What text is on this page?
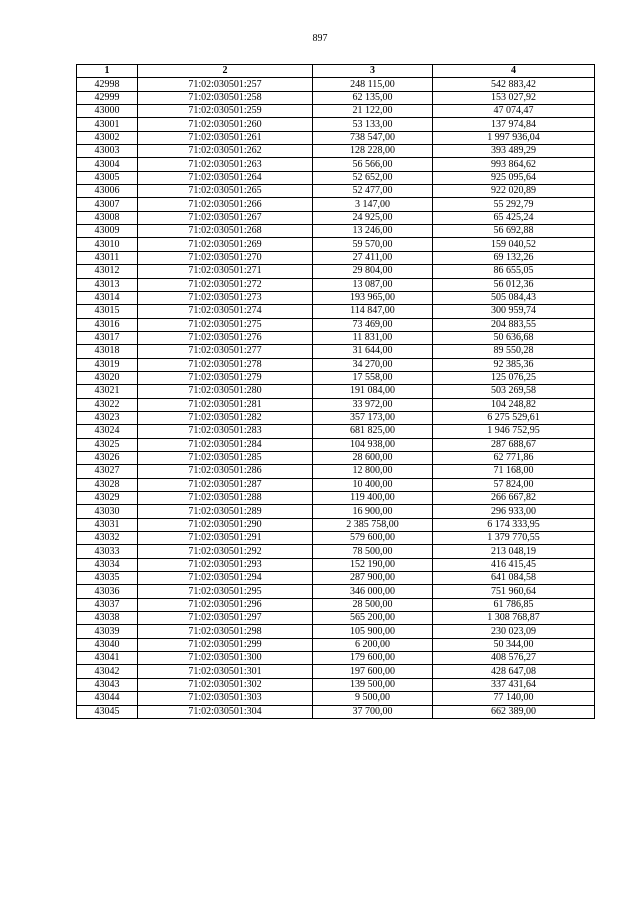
897
1	2	3	4
42998	71:02:030501:257	248 115,00	542 883,42
42999	71:02:030501:258	62 135,00	153 027,92
43000	71:02:030501:259	21 122,00	47 074,47
43001	71:02:030501:260	53 133,00	137 974,84
43002	71:02:030501:261	738 547,00	1 997 936,04
43003	71:02:030501:262	128 228,00	393 489,29
43004	71:02:030501:263	56 566,00	993 864,62
43005	71:02:030501:264	52 652,00	925 095,64
43006	71:02:030501:265	52 477,00	922 020,89
43007	71:02:030501:266	3 147,00	55 292,79
43008	71:02:030501:267	24 925,00	65 425,24
43009	71:02:030501:268	13 246,00	56 692,88
43010	71:02:030501:269	59 570,00	159 040,52
43011	71:02:030501:270	27 411,00	69 132,26
43012	71:02:030501:271	29 804,00	86 655,05
43013	71:02:030501:272	13 087,00	56 012,36
43014	71:02:030501:273	193 965,00	505 084,43
43015	71:02:030501:274	114 847,00	300 959,74
43016	71:02:030501:275	73 469,00	204 883,55
43017	71:02:030501:276	11 831,00	50 636,68
43018	71:02:030501:277	31 644,00	89 550,28
43019	71:02:030501:278	34 270,00	92 385,36
43020	71:02:030501:279	17 558,00	125 076,25
43021	71:02:030501:280	191 084,00	503 269,58
43022	71:02:030501:281	33 972,00	104 248,82
43023	71:02:030501:282	357 173,00	6 275 529,61
43024	71:02:030501:283	681 825,00	1 946 752,95
43025	71:02:030501:284	104 938,00	287 688,67
43026	71:02:030501:285	28 600,00	62 771,86
43027	71:02:030501:286	12 800,00	71 168,00
43028	71:02:030501:287	10 400,00	57 824,00
43029	71:02:030501:288	119 400,00	266 667,82
43030	71:02:030501:289	16 900,00	296 933,00
43031	71:02:030501:290	2 385 758,00	6 174 333,95
43032	71:02:030501:291	579 600,00	1 379 770,55
43033	71:02:030501:292	78 500,00	213 048,19
43034	71:02:030501:293	152 190,00	416 415,45
43035	71:02:030501:294	287 900,00	641 084,58
43036	71:02:030501:295	346 000,00	751 960,64
43037	71:02:030501:296	28 500,00	61 786,85
43038	71:02:030501:297	565 200,00	1 308 768,87
43039	71:02:030501:298	105 900,00	230 023,09
43040	71:02:030501:299	6 200,00	50 344,00
43041	71:02:030501:300	179 600,00	408 576,27
43042	71:02:030501:301	197 600,00	428 647,08
43043	71:02:030501:302	139 500,00	337 431,64
43044	71:02:030501:303	9 500,00	77 140,00
43045	71:02:030501:304	37 700,00	662 389,00
